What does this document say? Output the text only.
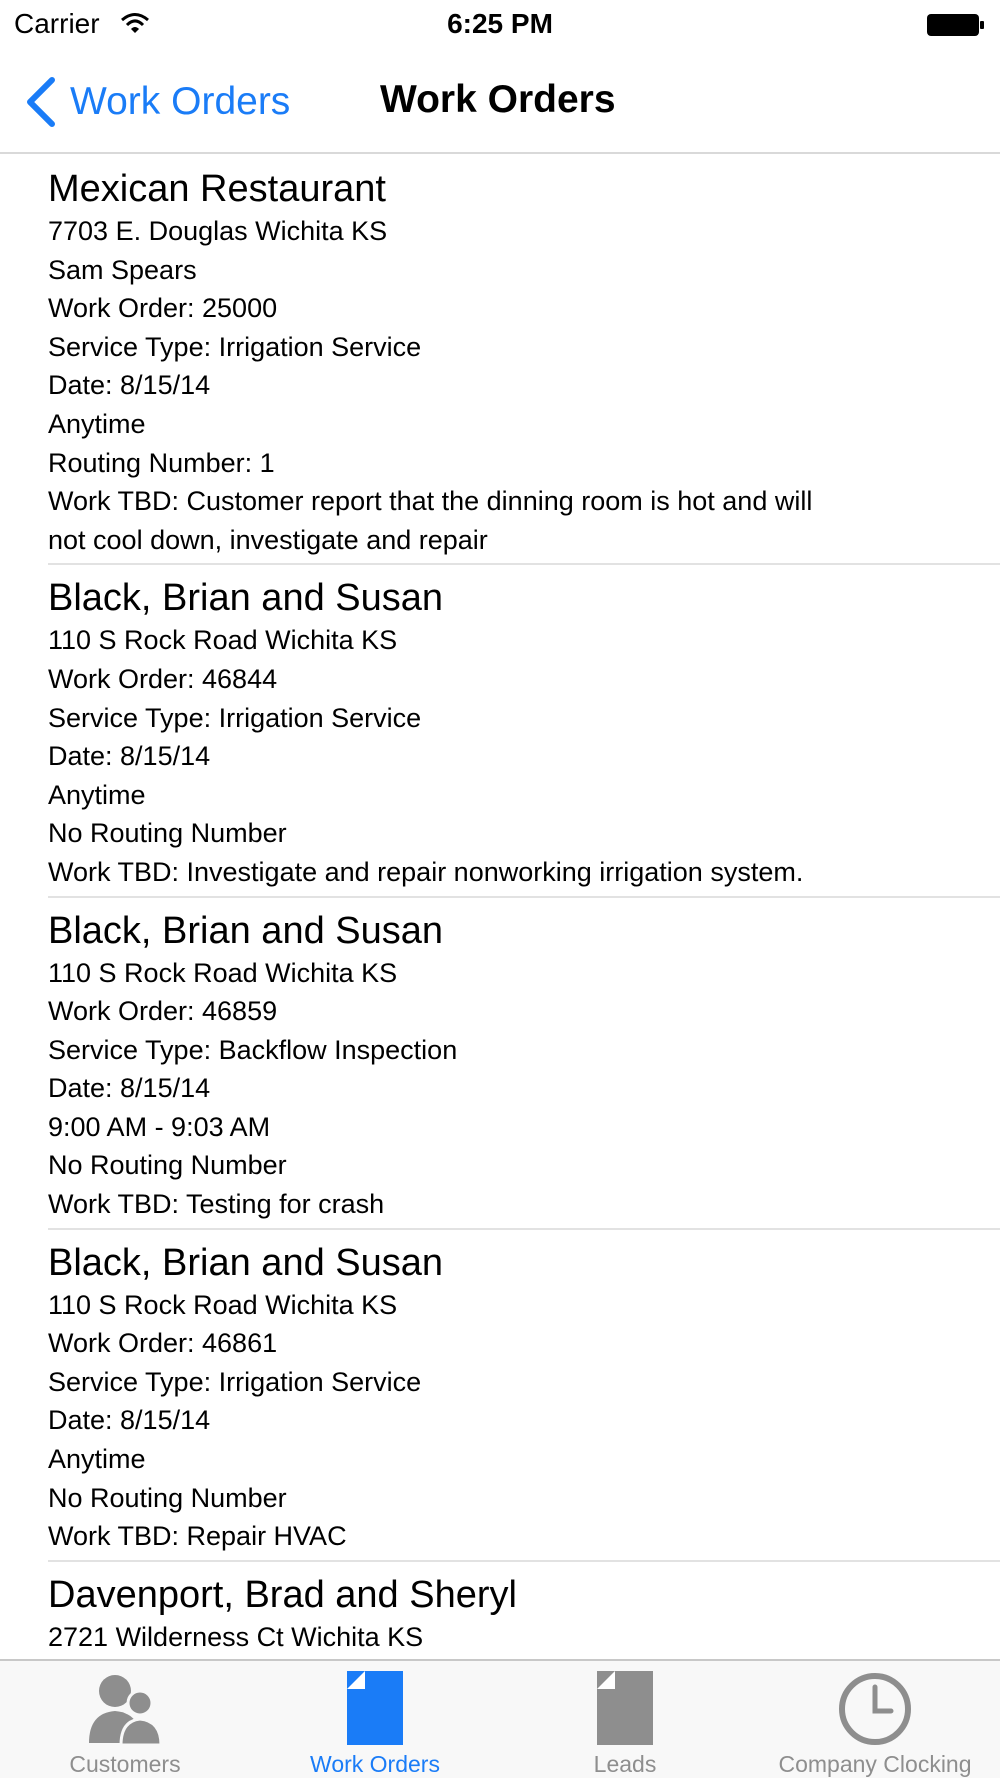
Carrier	6:25 PM
Work Orders Work Orders
Mexican Restaurant
7703 E. Douglas Wichita KS
Sam Spears
Work Order: 25000
Service Type: Irrigation Service
Date: 8/15/14
Anytime
Routing Number: 1
Work TBD: Customer report that the dinning room is hot and will
not cool down, investigate and repair
Black, Brian and Susan
110 S Rock Road Wichita KS
Work Order: 46844
Service Type: Irrigation Service
Date: 8/15/14
Anytime
No Routing Number
Work TBD: Investigate and repair nonworking irrigation system.
Black, Brian and Susan
110 S Rock Road Wichita KS
Work Order: 46859
Service Type: Backflow Inspection
Date: 8/15/14
9:00 AM - 9:03 AM
No Routing Number
Work TBD: Testing for crash
Black, Brian and Susan
110 S Rock Road Wichita KS
Work Order: 46861
Service Type: Irrigation Service
Date: 8/15/14
Anytime
No Routing Number
Work TBD: Repair HVAC
Davenport, Brad and Sheryl
2721 Wilderness Ct Wichita KS
Customers	Work Orders	Leads	Company Clocking
